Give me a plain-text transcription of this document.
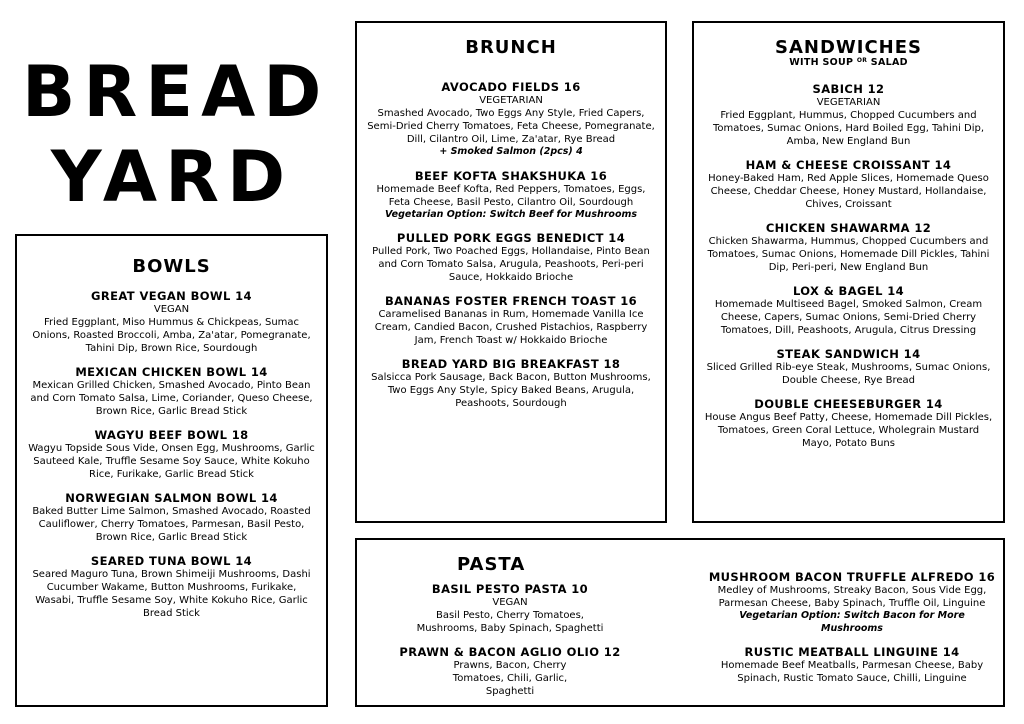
BREAD
YARD
BOWLS
GREAT VEGAN BOWL 14
VEGAN
Fried Eggplant, Miso Hummus & Chickpeas, Sumac Onions, Roasted Broccoli, Amba, Za'atar, Pomegranate, Tahini Dip, Brown Rice, Sourdough
MEXICAN CHICKEN BOWL 14
Mexican Grilled Chicken, Smashed Avocado, Pinto Bean and Corn Tomato Salsa, Lime, Coriander, Queso Cheese, Brown Rice, Garlic Bread Stick
WAGYU BEEF BOWL 18
Wagyu Topside Sous Vide, Onsen Egg, Mushrooms, Garlic Sauteed Kale, Truffle Sesame Soy Sauce, White Kokuho Rice, Furikake, Garlic Bread Stick
NORWEGIAN SALMON BOWL 14
Baked Butter Lime Salmon, Smashed Avocado, Roasted Cauliflower, Cherry Tomatoes, Parmesan, Basil Pesto, Brown Rice, Garlic Bread Stick
SEARED TUNA BOWL 14
Seared Maguro Tuna, Brown Shimeiji Mushrooms, Dashi Cucumber Wakame, Button Mushrooms, Furikake, Wasabi, Truffle Sesame Soy, White Kokuho Rice, Garlic Bread Stick
BRUNCH
AVOCADO FIELDS 16
VEGETARIAN
Smashed Avocado, Two Eggs Any Style, Fried Capers, Semi-Dried Cherry Tomatoes, Feta Cheese, Pomegranate, Dill, Cilantro Oil, Lime, Za'atar, Rye Bread
+ Smoked Salmon (2pcs) 4
BEEF KOFTA SHAKSHUKA 16
Homemade Beef Kofta, Red Peppers, Tomatoes, Eggs, Feta Cheese, Basil Pesto, Cilantro Oil, Sourdough
Vegetarian Option: Switch Beef for Mushrooms
PULLED PORK EGGS BENEDICT 14
Pulled Pork, Two Poached Eggs, Hollandaise, Pinto Bean and Corn Tomato Salsa, Arugula, Peashoots, Peri-peri Sauce, Hokkaido Brioche
BANANAS FOSTER FRENCH TOAST 16
Caramelised Bananas in Rum, Homemade Vanilla Ice Cream, Candied Bacon, Crushed Pistachios, Raspberry Jam, French Toast w/ Hokkaido Brioche
BREAD YARD BIG BREAKFAST 18
Salsicca Pork Sausage, Back Bacon, Button Mushrooms, Two Eggs Any Style, Spicy Baked Beans, Arugula, Peashoots, Sourdough
SANDWICHES
WITH SOUP $^{OR}$ SALAD
SABICH 12
VEGETARIAN
Fried Eggplant, Hummus, Chopped Cucumbers and Tomatoes, Sumac Onions, Hard Boiled Egg, Tahini Dip, Amba, New England Bun
HAM & CHEESE CROISSANT 14
Honey-Baked Ham, Red Apple Slices, Homemade Queso Cheese, Cheddar Cheese, Honey Mustard, Hollandaise, Chives, Croissant
CHICKEN SHAWARMA 12
Chicken Shawarma, Hummus, Chopped Cucumbers and Tomatoes, Sumac Onions, Homemade Dill Pickles, Tahini Dip, Peri-peri, New England Bun
LOX & BAGEL 14
Homemade Multiseed Bagel, Smoked Salmon, Cream Cheese, Capers, Sumac Onions, Semi-Dried Cherry Tomatoes, Dill, Peashoots, Arugula, Citrus Dressing
STEAK SANDWICH 14
Sliced Grilled Rib-eye Steak, Mushrooms, Sumac Onions, Double Cheese, Rye Bread
DOUBLE CHEESEBURGER 14
House Angus Beef Patty, Cheese, Homemade Dill Pickles, Tomatoes, Green Coral Lettuce, Wholegrain Mustard Mayo, Potato Buns
PASTA
BASIL PESTO PASTA 10
VEGAN
Basil Pesto, Cherry Tomatoes, Mushrooms, Baby Spinach, Spaghetti
PRAWN & BACON AGLIO OLIO 12
Prawns, Bacon, Cherry Tomatoes, Chili, Garlic, Spaghetti
MUSHROOM BACON TRUFFLE ALFREDO 16
Medley of Mushrooms, Streaky Bacon, Sous Vide Egg, Parmesan Cheese, Baby Spinach, Truffle Oil, Linguine
Vegetarian Option: Switch Bacon for More Mushrooms
RUSTIC MEATBALL LINGUINE 14
Homemade Beef Meatballs, Parmesan Cheese, Baby Spinach, Rustic Tomato Sauce, Chilli, Linguine
